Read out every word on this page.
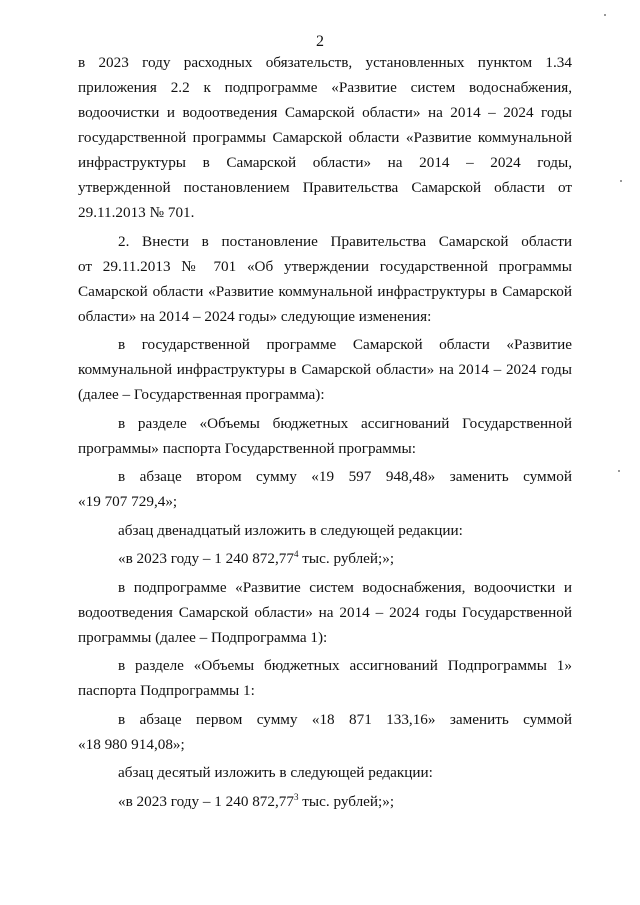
2

в 2023 году расходных обязательств, установленных пунктом 1.34
приложения 2.2 к подпрограмме «Развитие систем водоснабжения,
водоочистки и водоотведения Самарской области» на 2014 – 2024 годы
государственной программы Самарской области «Развитие коммунальной
инфраструктуры в Самарской области» на 2014 – 2024 годы,
утвержденной постановлением Правительства Самарской области от
29.11.2013 № 701.

2. Внести в постановление Правительства Самарской области
от 29.11.2013 № 701 «Об утверждении государственной программы
Самарской области «Развитие коммунальной инфраструктуры в Самарской
области» на 2014 – 2024 годы» следующие изменения:

в государственной программе Самарской области «Развитие
коммунальной инфраструктуры в Самарской области» на 2014 – 2024 годы
(далее – Государственная программа):

в разделе «Объемы бюджетных ассигнований Государственной
программы» паспорта Государственной программы:

в абзаце втором сумму «19 597 948,48» заменить суммой
«19 707 729,4»;

абзац двенадцатый изложить в следующей редакции:

«в 2023 году – 1 240 872,77$^4$ тыс. рублей;»;

в подпрограмме «Развитие систем водоснабжения, водоочистки и
водоотведения Самарской области» на 2014 – 2024 годы Государственной
программы (далее – Подпрограмма 1):

в разделе «Объемы бюджетных ассигнований Подпрограммы 1»
паспорта Подпрограммы 1:

в абзаце первом сумму «18 871 133,16» заменить суммой
«18 980 914,08»;

абзац десятый изложить в следующей редакции:

«в 2023 году – 1 240 872,77$^3$ тыс. рублей;»;
